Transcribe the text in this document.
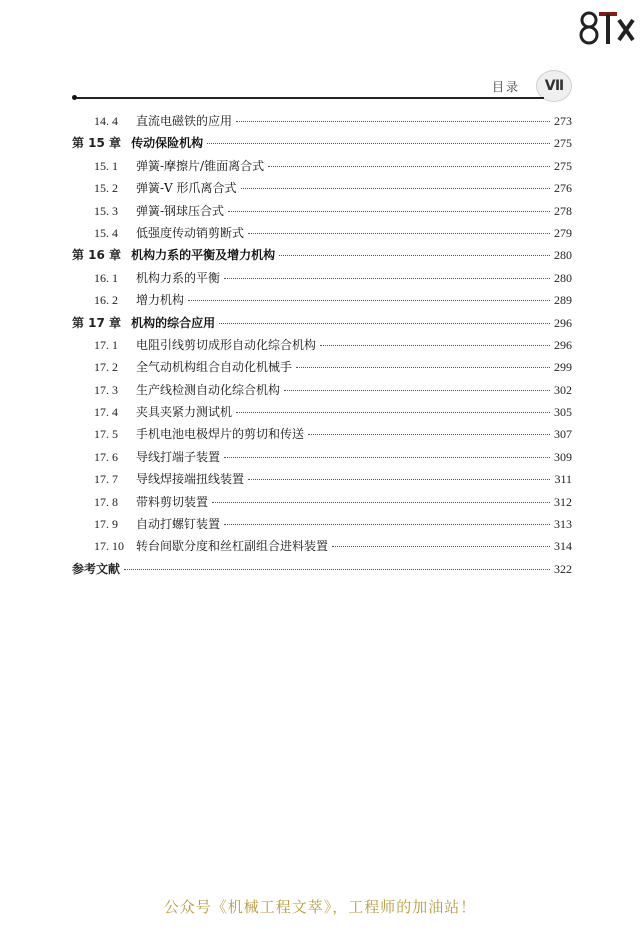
目录 Ⅶ
14. 4	直流电磁铁的应用	273
第 15 章 传动保险机构	275
15. 1	弹簧-摩擦片/锥面离合式	275
15. 2	弹簧-V 形爪离合式	276
15. 3	弹簧-钢球压合式	278
15. 4	低强度传动销剪断式	279
第 16 章 机构力系的平衡及增力机构	280
16. 1	机构力系的平衡	280
16. 2	增力机构	289
第 17 章 机构的综合应用	296
17. 1	电阻引线剪切成形自动化综合机构	296
17. 2	全气动机构组合自动化机械手	299
17. 3	生产线检测自动化综合机构	302
17. 4	夹具夹紧力测试机	305
17. 5	手机电池电极焊片的剪切和传送	307
17. 6	导线打端子装置	309
17. 7	导线焊接端扭线装置	311
17. 8	带料剪切装置	312
17. 9	自动打螺钉装置	313
17. 10	转台间歇分度和丝杠副组合进料装置	314
参考文献	322
公众号《机械工程文萃》，工程师的加油站！
